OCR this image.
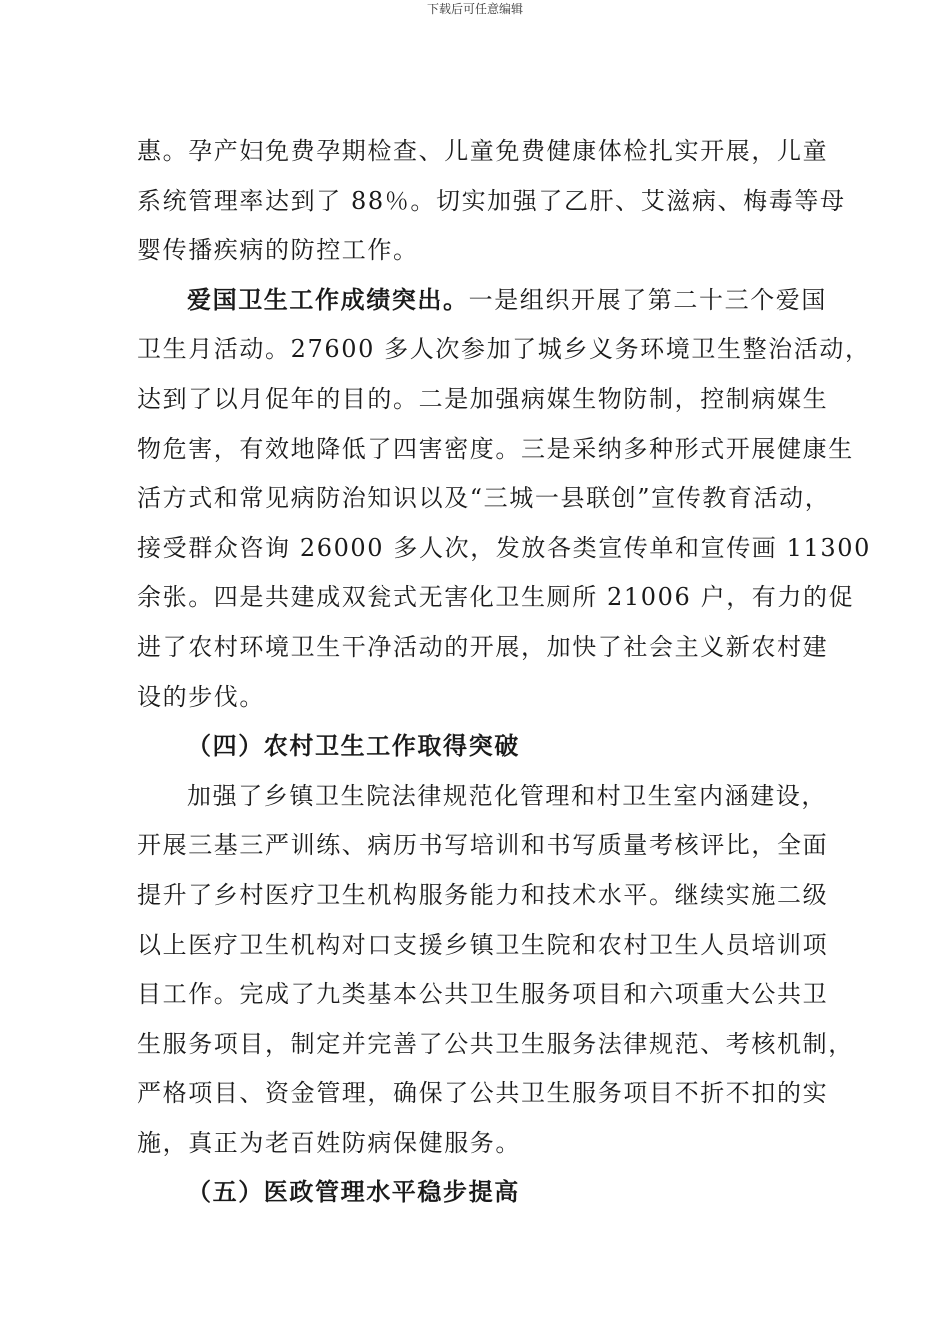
下载后可任意编辑

惠。孕产妇免费孕期检查、儿童免费健康体检扎实开展，儿童
系统管理率达到了 88％。切实加强了乙肝、艾滋病、梅毒等母
婴传播疾病的防控工作。

爱国卫生工作成绩突出。一是组织开展了第二十三个爱国
卫生月活动。27600 多人次参加了城乡义务环境卫生整治活动，
达到了以月促年的目的。二是加强病媒生物防制，控制病媒生
物危害，有效地降低了四害密度。三是采纳多种形式开展健康生
活方式和常见病防治知识以及“三城一县联创”宣传教育活动，
接受群众咨询 26000 多人次，发放各类宣传单和宣传画 11300
余张。四是共建成双瓮式无害化卫生厕所 21006 户，有力的促
进了农村环境卫生干净活动的开展，加快了社会主义新农村建
设的步伐。

（四）农村卫生工作取得突破

加强了乡镇卫生院法律规范化管理和村卫生室内涵建设，
开展三基三严训练、病历书写培训和书写质量考核评比，全面
提升了乡村医疗卫生机构服务能力和技术水平。继续实施二级
以上医疗卫生机构对口支援乡镇卫生院和农村卫生人员培训项
目工作。完成了九类基本公共卫生服务项目和六项重大公共卫
生服务项目，制定并完善了公共卫生服务法律规范、考核机制，
严格项目、资金管理，确保了公共卫生服务项目不折不扣的实
施，真正为老百姓防病保健服务。

（五）医政管理水平稳步提高
